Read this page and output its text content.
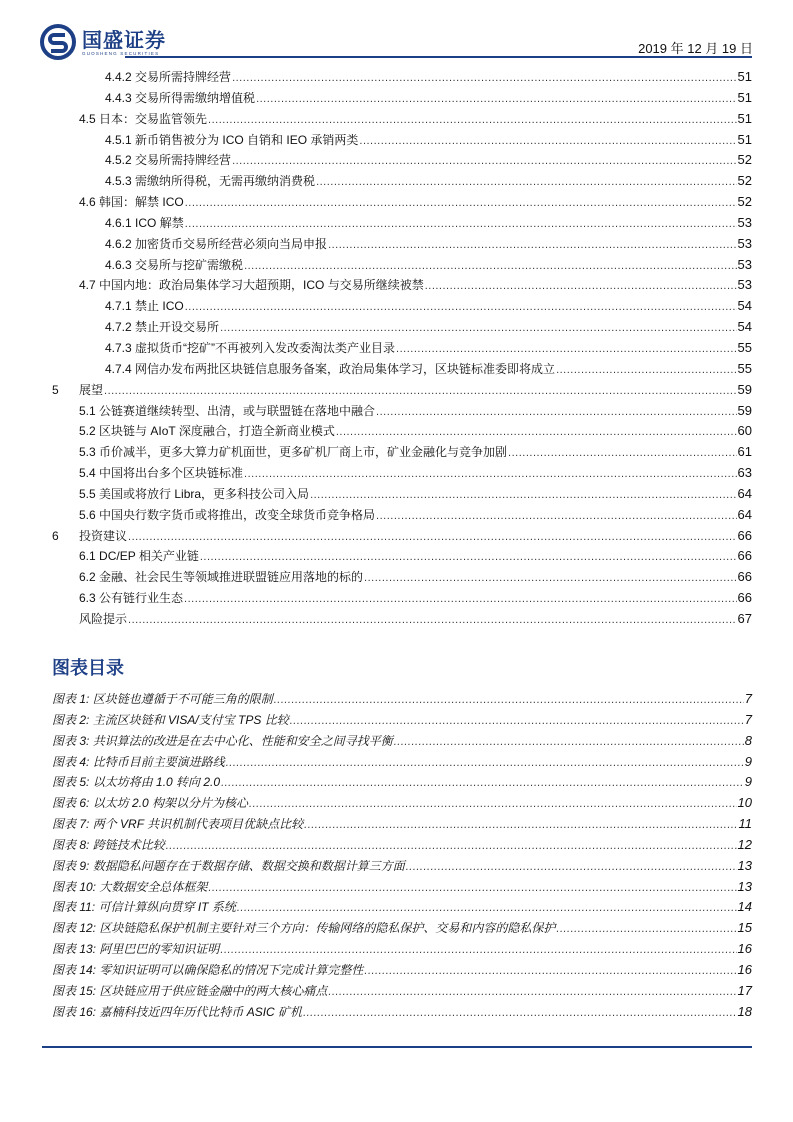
国盛证券
GUOSHENG SECURITIES	2019 年 12 月 19 日
4.4.2 交易所需持牌经营 .....	51
4.4.3 交易所得需缴纳增值税 .....	51
4.5 日本：交易监管领先 .....	51
4.5.1 新币销售被分为 ICO 自销和 IEO 承销两类 .....	51
4.5.2 交易所需持牌经营 .....	52
4.5.3 需缴纳所得税，无需再缴纳消费税 .....	52
4.6 韩国：解禁 ICO .....	52
4.6.1 ICO 解禁 .....	53
4.6.2 加密货币交易所经营必须向当局申报 .....	53
4.6.3 交易所与挖矿需缴税 .....	53
4.7 中国内地：政治局集体学习大超预期，ICO 与交易所继续被禁 .....	53
4.7.1 禁止 ICO .....	54
4.7.2 禁止开设交易所 .....	54
4.7.3 虚拟货币“挖矿”不再被列入发改委淘汰类产业目录 .....	55
4.7.4 网信办发布两批区块链信息服务备案，政治局集体学习，区块链标准委即将成立 .....	55
5 展望 .....	59
5.1 公链赛道继续转型、出清，或与联盟链在落地中融合 .....	59
5.2 区块链与 AIoT 深度融合，打造全新商业模式 .....	60
5.3 币价减半，更多大算力矿机面世，更多矿机厂商上市，矿业金融化与竞争加剧 .....	61
5.4 中国将出台多个区块链标准 .....	63
5.5 美国或将放行 Libra，更多科技公司入局 .....	64
5.6 中国央行数字货币或将推出，改变全球货币竞争格局 .....	64
6 投资建议 .....	66
6.1 DC/EP 相关产业链 .....	66
6.2 金融、社会民生等领域推进联盟链应用落地的标的 .....	66
6.3 公有链行业生态 .....	66
风险提示 .....	67
图表目录
图表 1: 区块链也遵循于不可能三角的限制 .....	7
图表 2: 主流区块链和 VISA/支付宝 TPS 比较 .....	7
图表 3: 共识算法的改进是在去中心化、性能和安全之间寻找平衡 .....	8
图表 4: 比特币目前主要演进路线 .....	9
图表 5: 以太坊将由 1.0 转向 2.0 .....	9
图表 6: 以太坊 2.0 构架以分片为核心 .....	10
图表 7: 两个 VRF 共识机制代表项目优缺点比较 .....	11
图表 8: 跨链技术比较 .....	12
图表 9: 数据隐私问题存在于数据存储、数据交换和数据计算三方面 .....	13
图表 10: 大数据安全总体框架 .....	13
图表 11: 可信计算纵向贯穿 IT 系统 .....	14
图表 12: 区块链隐私保护机制主要针对三个方向：传输网络的隐私保护、交易和内容的隐私保护 .....	15
图表 13: 阿里巴巴的零知识证明 .....	16
图表 14: 零知识证明可以确保隐私的情况下完成计算完整性 .....	16
图表 15: 区块链应用于供应链金融中的两大核心痛点 .....	17
图表 16: 嘉楠科技近四年历代比特币 ASIC 矿机 .....	18
